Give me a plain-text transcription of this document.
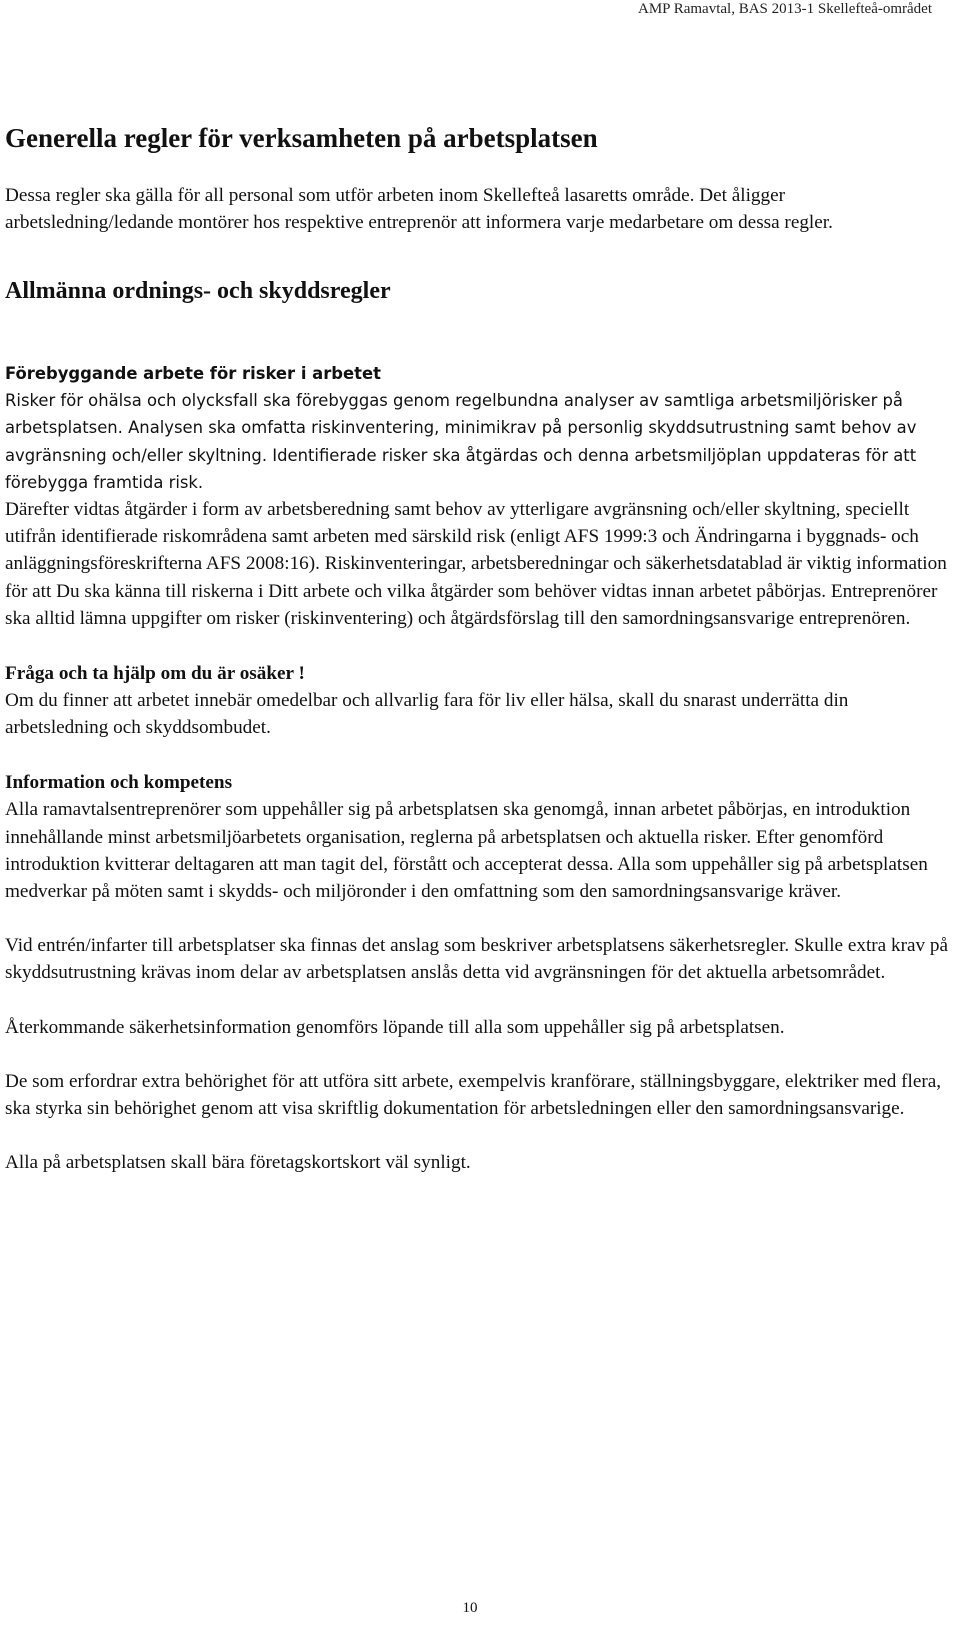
AMP Ramavtal, BAS 2013-1 Skellefteå-området
Generella regler för verksamheten på arbetsplatsen

Dessa regler ska gälla för all personal som utför arbeten inom Skellefteå lasaretts område. Det åligger arbetsledning/ledande montörer hos respektive entreprenör att informera varje medarbetare om dessa regler.

Allmänna ordnings- och skyddsregler
Förebyggande arbete för risker i arbetet

Risker för ohälsa och olycksfall ska förebyggas genom regelbundna analyser av samtliga arbetsmiljörisker på arbetsplatsen. Analysen ska omfatta riskinventering, minimikrav på personlig skyddsutrustning samt behov av avgränsning och/eller skyltning. Identifierade risker ska åtgärdas och denna arbetsmiljöplan uppdateras för att förebygga framtida risk.

Därefter vidtas åtgärder i form av arbetsberedning samt behov av ytterligare avgränsning och/eller skyltning, speciellt utifrån identifierade riskområdena samt arbeten med särskild risk (enligt AFS 1999:3 och Ändringarna i byggnads- och anläggningsföreskrifterna AFS 2008:16). Riskinventeringar, arbetsberedningar och säkerhetsdatablad är viktig information för att Du ska känna till riskerna i Ditt arbete och vilka åtgärder som behöver vidtas innan arbetet påbörjas. Entreprenörer ska alltid lämna uppgifter om risker (riskinventering) och åtgärdsförslag till den samordningsansvarige entreprenören.

Fråga och ta hjälp om du är osäker !

Om du finner att arbetet innebär omedelbar och allvarlig fara för liv eller hälsa, skall du snarast underrätta din arbetsledning och skyddsombudet.

Information och kompetens

Alla ramavtalsentreprenörer som uppehåller sig på arbetsplatsen ska genomgå, innan arbetet påbörjas, en introduktion innehållande minst arbetsmiljöarbetets organisation, reglerna på arbetsplatsen och aktuella risker. Efter genomförd introduktion kvitterar deltagaren att man tagit del, förstått och accepterat dessa. Alla som uppehåller sig på arbetsplatsen medverkar på möten samt i skydds- och miljöronder i den omfattning som den samordningsansvarige kräver.

Vid entrén/infarter till arbetsplatser ska finnas det anslag som beskriver arbetsplatsens säkerhetsregler. Skulle extra krav på skyddsutrustning krävas inom delar av arbetsplatsen anslås detta vid avgränsningen för det aktuella arbetsområdet.

Återkommande säkerhetsinformation genomförs löpande till alla som uppehåller sig på arbetsplatsen.

De som erfordrar extra behörighet för att utföra sitt arbete, exempelvis kranförare, ställningsbyggare, elektriker med flera, ska styrka sin behörighet genom att visa skriftlig dokumentation för arbetsledningen eller den samordningsansvarige.

Alla på arbetsplatsen skall bära företagskortskort väl synligt.

10
